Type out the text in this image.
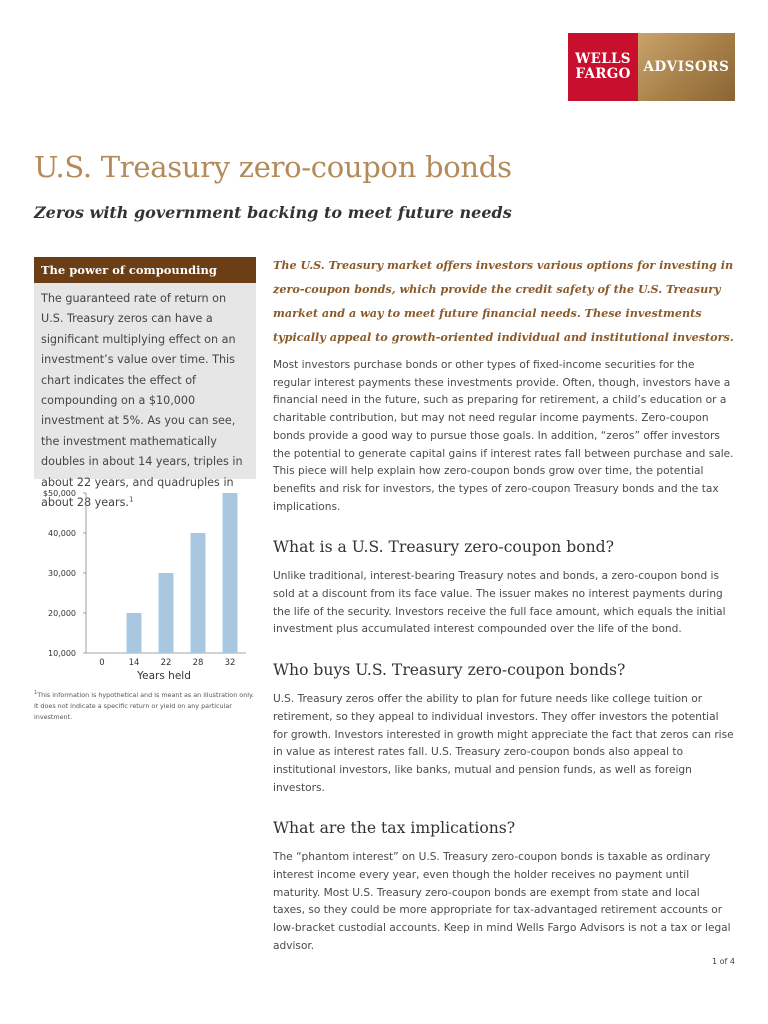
WELLS
FARGO ADVISORS
U.S. Treasury zero-coupon bonds
Zeros with government backing to meet future needs
The power of compounding
The guaranteed rate of return on U.S. Treasury zeros can have a significant multiplying effect on an investment’s value over time. This chart indicates the effect of compounding on a $10,000 investment at 5%. As you can see, the investment mathematically doubles in about 14 years, triples in about 22 years, and quadruples in about 28 years.$^1$
10,000
20,000
30,000
40,000
$50,000
0	14 22 28 32
Years held
$^1$This information is hypothetical and is meant as an illustration only. It does not indicate a specific return or yield on any particular investment.

The U.S. Treasury market offers investors various options for investing in zero-coupon bonds, which provide the credit safety of the U.S. Treasury market and a way to meet future financial needs. These investments typically appeal to growth-oriented individual and institutional investors.

Most investors purchase bonds or other types of fixed-income securities for the regular interest payments these investments provide. Often, though, investors have a financial need in the future, such as preparing for retirement, a child’s education or a charitable contribution, but may not need regular income payments. Zero-coupon bonds provide a good way to pursue those goals. In addition, “zeros” offer investors the potential to generate capital gains if interest rates fall between purchase and sale. This piece will help explain how zero-coupon bonds grow over time, the potential benefits and risk for investors, the types of zero-coupon Treasury bonds and the tax implications.

What is a U.S. Treasury zero-coupon bond?

Unlike traditional, interest-bearing Treasury notes and bonds, a zero-coupon bond is sold at a discount from its face value. The issuer makes no interest payments during the life of the security. Investors receive the full face amount, which equals the initial investment plus accumulated interest compounded over the life of the bond.

Who buys U.S. Treasury zero-coupon bonds?

U.S. Treasury zeros offer the ability to plan for future needs like college tuition or retirement, so they appeal to individual investors. They offer investors the potential for growth. Investors interested in growth might appreciate the fact that zeros can rise in value as interest rates fall. U.S. Treasury zero-coupon bonds also appeal to institutional investors, like banks, mutual and pension funds, as well as foreign investors.

What are the tax implications?

The “phantom interest” on U.S. Treasury zero-coupon bonds is taxable as ordinary interest income every year, even though the holder receives no payment until maturity. Most U.S. Treasury zero-coupon bonds are exempt from state and local taxes, so they could be more appropriate for tax-advantaged retirement accounts or low-bracket custodial accounts. Keep in mind Wells Fargo Advisors is not a tax or legal advisor.

1 of 4
